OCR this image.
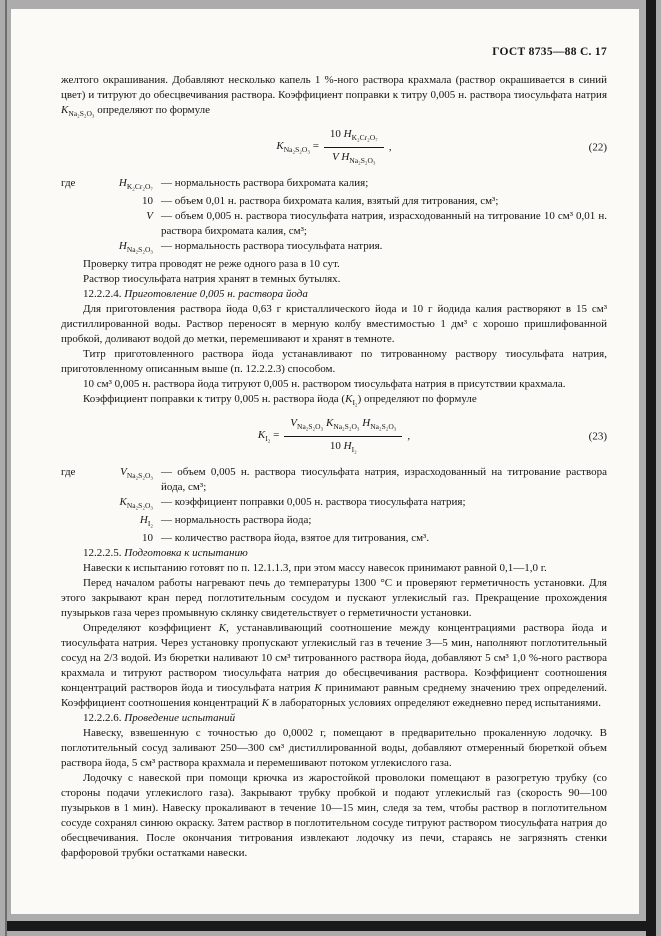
ГОСТ 8735—88 С. 17

желтого окрашивания. Добавляют несколько капель 1 %-ного раствора крахмала (раствор окрашивается в синий цвет) и титруют до обесцвечивания раствора. Коэффициент поправки к титру 0,005 н. раствора тиосульфата натрия $K_{Na_2S_2O_3}$ определяют по формуле

$K_{Na_2S_2O_3} = \frac{10 H_{K_2Cr_2O_7}}{V H_{Na_2S_2O_3}}$ ,	(22)
где	$H_{K_2Cr_2O_7}$ — нормальность раствора бихромата калия;
10 — объем 0,01 н. раствора бихромата калия, взятый для титрования, см³;
V — объем 0,005 н. раствора тиосульфата натрия, израсходованный на титрование 10 см³ 0,01 н. раствора бихромата калия, см³;
$H_{Na_2S_2O_3}$ — нормальность раствора тиосульфата натрия.

Проверку титра проводят не реже одного раза в 10 сут.

Раствор тиосульфата натрия хранят в темных бутылях.

12.2.2.4. Приготовление 0,005 н. раствора йода

Для приготовления раствора йода 0,63 г кристаллического йода и 10 г йодида калия растворяют в 15 см³ дистиллированной воды. Раствор переносят в мерную колбу вместимостью 1 дм³ с хорошо пришлифованной пробкой, доливают водой до метки, перемешивают и хранят в темноте.

Титр приготовленного раствора йода устанавливают по титрованному раствору тиосульфата натрия, приготовленному описанным выше (п. 12.2.2.3) способом.

10 см³ 0,005 н. раствора йода титруют 0,005 н. раствором тиосульфата натрия в присутствии крахмала.

Коэффициент поправки к титру 0,005 н. раствора йода $(K_{I_2})$ определяют по формуле

$K_{I_2} = \frac{V_{Na_2S_2O_3} K_{Na_2S_2O_3} H_{Na_2S_2O_3}}{10 H_{I_2}}$ ,	(23)
где	$V_{Na_2S_2O_3}$ — объем 0,005 н. раствора тиосульфата натрия, израсходованный на титрование раствора йода, см³;
$K_{Na_2S_2O_3}$ — коэффициент поправки 0,005 н. раствора тиосульфата натрия;
$H_{I_2}$ — нормальность раствора йода;
10 — количество раствора йода, взятое для титрования, см³.

12.2.2.5. Подготовка к испытанию

Навески к испытанию готовят по п. 12.1.1.3, при этом массу навесок принимают равной 0,1—1,0 г.

Перед началом работы нагревают печь до температуры 1300 °С и проверяют герметичность установки. Для этого закрывают кран перед поглотительным сосудом и пускают углекислый газ. Прекращение прохождения пузырьков газа через промывную склянку свидетельствует о герметичности установки.

Определяют коэффициент K, устанавливающий соотношение между концентрациями раствора йода и тиосульфата натрия. Через установку пропускают углекислый газ в течение 3—5 мин, наполняют поглотительный сосуд на 2/3 водой. Из бюретки наливают 10 см³ титрованного раствора йода, добавляют 5 см³ 1,0 %-ного раствора крахмала и титруют раствором тиосульфата натрия до обесцвечивания раствора. Коэффициент соотношения концентраций растворов йода и тиосульфата натрия K принимают равным среднему значению трех определений. Коэффициент соотношения концентраций K в лабораторных условиях определяют ежедневно перед испытаниями.

12.2.2.6. Проведение испытаний

Навеску, взвешенную с точностью до 0,0002 г, помещают в предварительно прокаленную лодочку. В поглотительный сосуд заливают 250—300 см³ дистиллированной воды, добавляют отмеренный бюреткой объем раствора йода, 5 см³ раствора крахмала и перемешивают потоком углекислого газа.

Лодочку с навеской при помощи крючка из жаростойкой проволоки помещают в разогретую трубку (со стороны подачи углекислого газа). Закрывают трубку пробкой и подают углекислый газ (скорость 90—100 пузырьков в 1 мин). Навеску прокаливают в течение 10—15 мин, следя за тем, чтобы раствор в поглотительном сосуде сохранял синюю окраску. Затем раствор в поглотительном сосуде титруют раствором тиосульфата натрия до обесцвечивания. После окончания титрования извлекают лодочку из печи, стараясь не загрязнять стенки фарфоровой трубки остатками навески.
